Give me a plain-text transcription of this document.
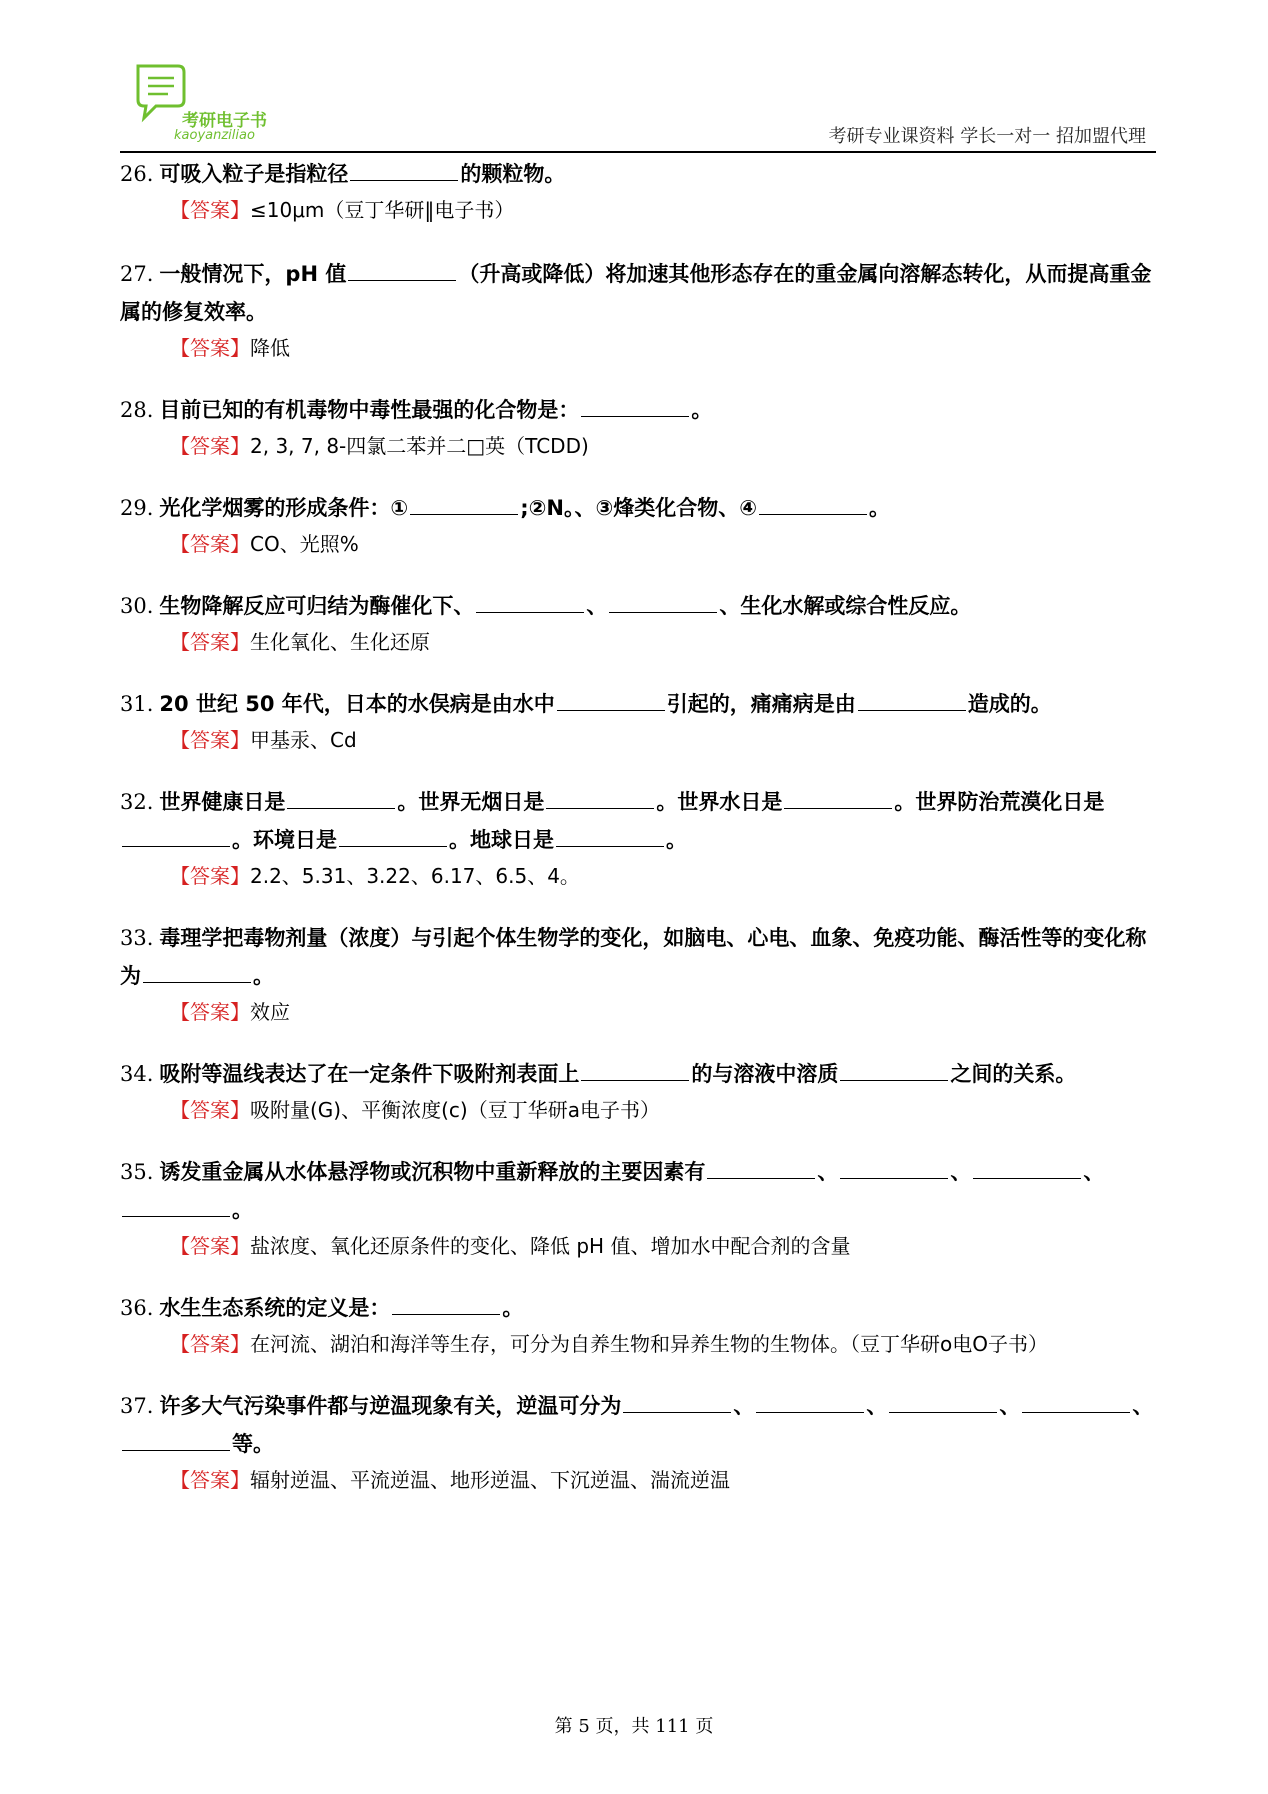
考研电子书
kaoyanziliao	考研专业课资料 学长一对一 招加盟代理

26. 可吸入粒子是指粒径	的颗粒物。

【答案】≤10μm（豆丁华研‖电子书）

27. 一般情况下，pH 值	（升高或降低）将加速其他形态存在的重金属向溶解态转化，从而提高重金属的修复效率。

【答案】降低

28. 目前已知的有机毒物中毒性最强的化合物是：	。

【答案】2, 3, 7, 8-四氯二苯并二□英（TCDD)

29. 光化学烟雾的形成条件：①	;②N。、③烽类化合物、④	。

【答案】CO、光照%

30. 生物降解反应可归结为酶催化下、	、	、生化水解或综合性反应。

【答案】生化氧化、生化还原

31. 20 世纪 50 年代，日本的水俣病是由水中	引起的，痛痛病是由	造成的。

【答案】甲基汞、Cd

32. 世界健康日是	。世界无烟日是	。世界水日是	。世界防治荒漠化日是。环境日是	。地球日是	。

【答案】2.2、5.31、3.22、6.17、6.5、4。

33. 毒理学把毒物剂量（浓度）与引起个体生物学的变化，如脑电、心电、血象、免疫功能、酶活性等的变化称为	。

【答案】效应

34. 吸附等温线表达了在一定条件下吸附剂表面上	的与溶液中溶质	之间的关系。

【答案】吸附量(G)、平衡浓度(c)（豆丁华研a电子书）

35. 诱发重金属从水体悬浮物或沉积物中重新释放的主要因素有	、	、	、。

【答案】盐浓度、氧化还原条件的变化、降低 pH 值、增加水中配合剂的含量

36. 水生生态系统的定义是：	。

【答案】在河流、湖泊和海洋等生存，可分为自养生物和异养生物的生物体。（豆丁华研o电O子书）

37. 许多大气污染事件都与逆温现象有关，逆温可分为	、	、	、	、等。

【答案】辐射逆温、平流逆温、地形逆温、下沉逆温、湍流逆温

第 5 页，共 111 页
